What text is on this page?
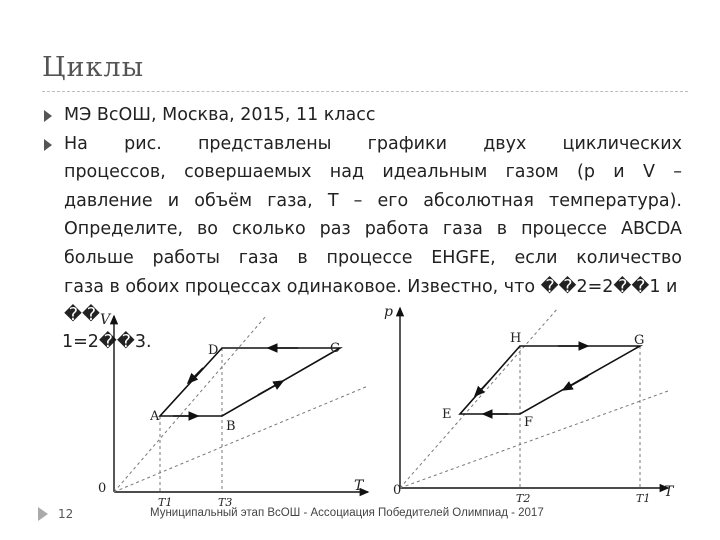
Циклы
МЭ ВсОШ, Москва, 2015, 11 класс
На рис. представлены графики двух циклических
процессов, совершаемых над идеальным газом (p и V –
давление и объём газа, T – его абсолютная температура).
Определите, во сколько раз работа газа в процессе ABCDA
больше работы газа в процессе EHGFE, если количество
газа в обоих процессах одинаковое. Известно, что ��2=2��1 и ��
1=2��3.
V
T
0
A
B
C
D
T1	T3
p
T
0
E
F
G
H
T2	T1
12	Муниципальный этап ВсОШ - Ассоциация Победителей Олимпиад - 2017
